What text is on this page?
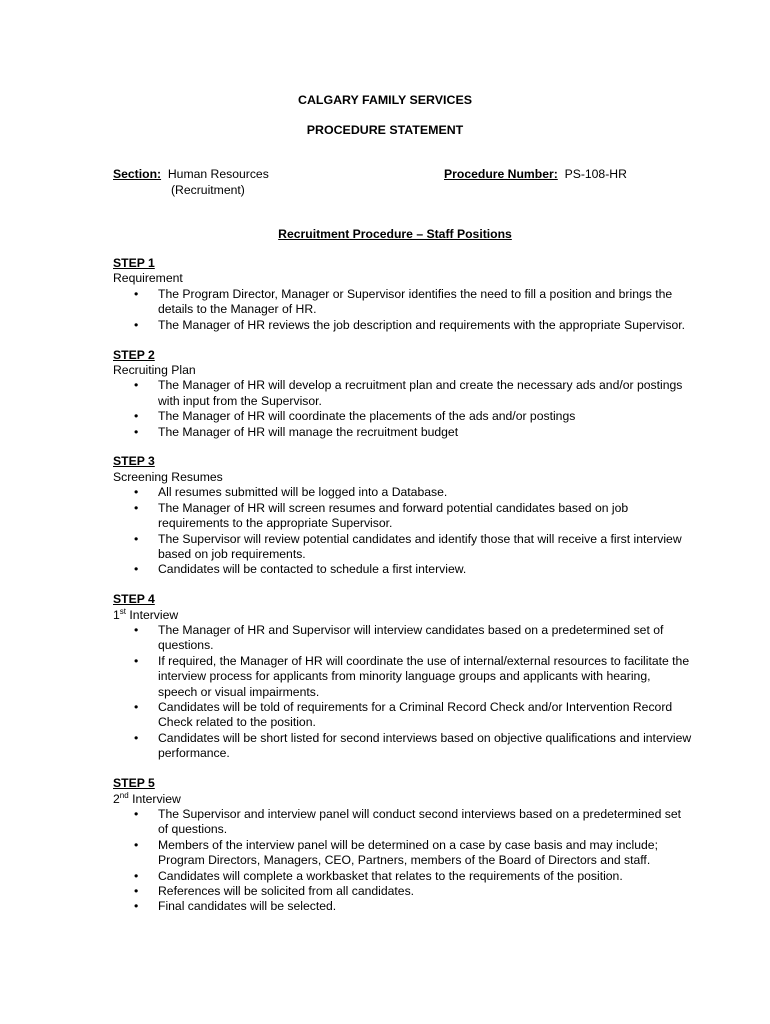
CALGARY FAMILY SERVICES
PROCEDURE STATEMENT
Section: Human Resources
(Recruitment)
Procedure Number: PS-108-HR
Recruitment Procedure – Staff Positions
STEP 1
Requirement
• The Program Director, Manager or Supervisor identifies the need to fill a position and brings the details to the Manager of HR.
• The Manager of HR reviews the job description and requirements with the appropriate Supervisor.
STEP 2
Recruiting Plan
• The Manager of HR will develop a recruitment plan and create the necessary ads and/or postings with input from the Supervisor.
• The Manager of HR will coordinate the placements of the ads and/or postings
• The Manager of HR will manage the recruitment budget
STEP 3
Screening Resumes
• All resumes submitted will be logged into a Database.
• The Manager of HR will screen resumes and forward potential candidates based on job requirements to the appropriate Supervisor.
• The Supervisor will review potential candidates and identify those that will receive a first interview based on job requirements.
• Candidates will be contacted to schedule a first interview.
STEP 4
1st Interview
• The Manager of HR and Supervisor will interview candidates based on a predetermined set of questions.
• If required, the Manager of HR will coordinate the use of internal/external resources to facilitate the interview process for applicants from minority language groups and applicants with hearing, speech or visual impairments.
• Candidates will be told of requirements for a Criminal Record Check and/or Intervention Record Check related to the position.
• Candidates will be short listed for second interviews based on objective qualifications and interview performance.
STEP 5
2nd Interview
• The Supervisor and interview panel will conduct second interviews based on a predetermined set of questions.
• Members of the interview panel will be determined on a case by case basis and may include; Program Directors, Managers, CEO, Partners, members of the Board of Directors and staff.
• Candidates will complete a workbasket that relates to the requirements of the position.
• References will be solicited from all candidates.
• Final candidates will be selected.
